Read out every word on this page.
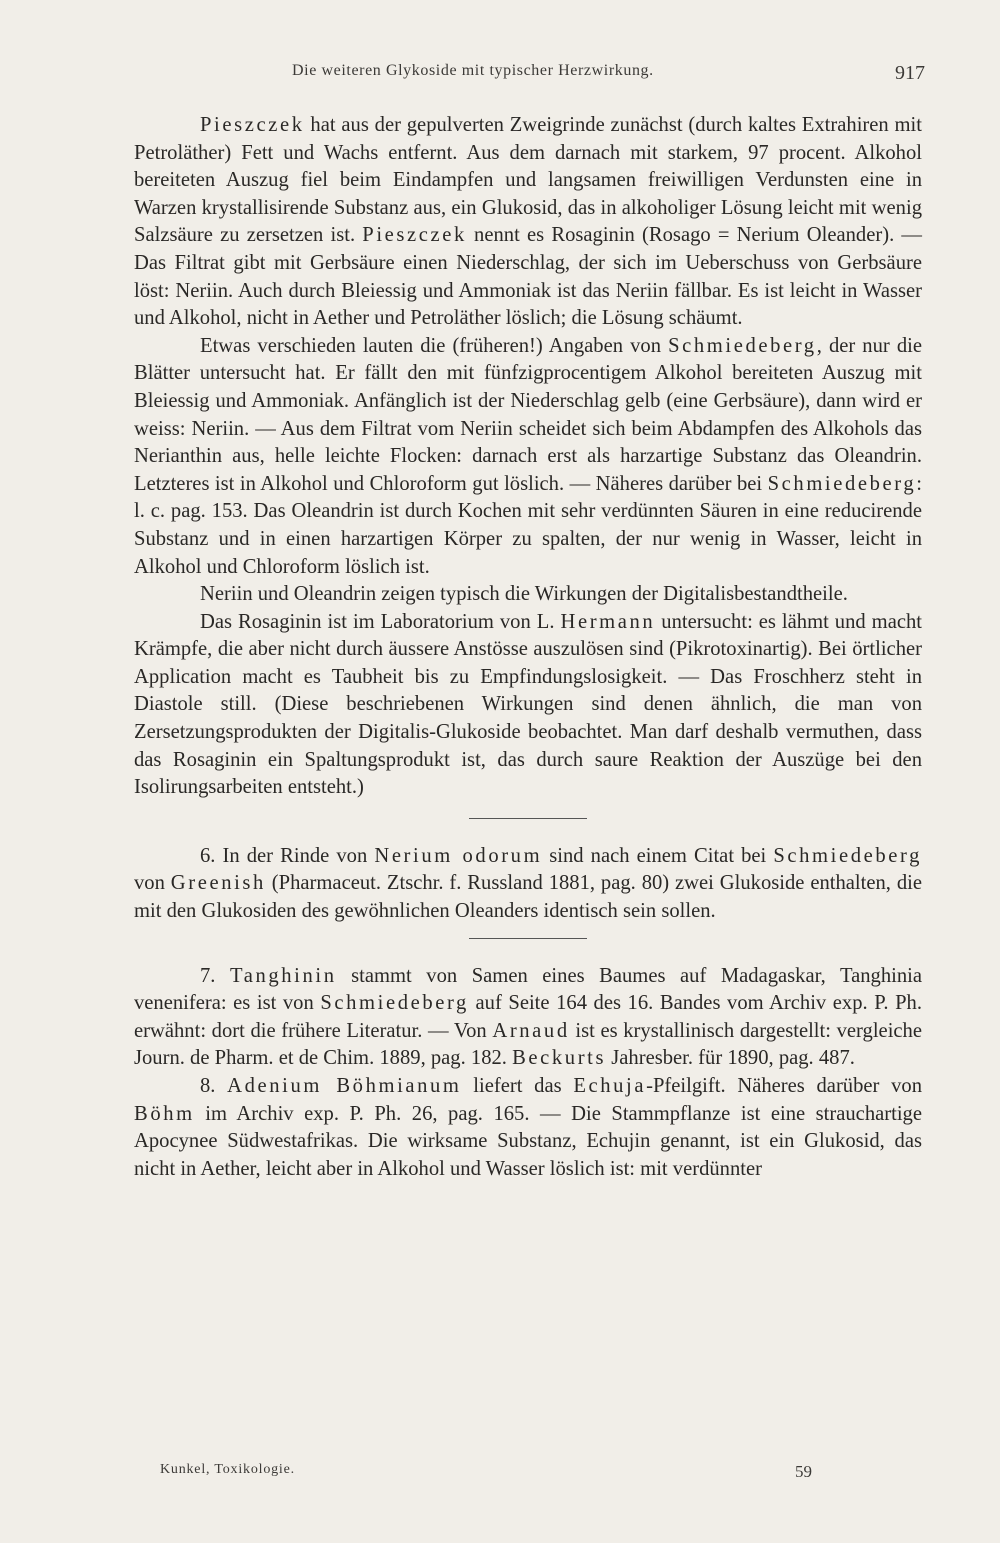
Die weiteren Glykoside mit typischer Herzwirkung.	917

Pieszczek hat aus der gepulverten Zweigrinde zunächst (durch kaltes Extrahiren mit Petroläther) Fett und Wachs entfernt. Aus dem darnach mit starkem, 97 procent. Alkohol bereiteten Auszug fiel beim Eindampfen und langsamen freiwilligen Verdunsten eine in Warzen krystallisirende Substanz aus, ein Glukosid, das in alkoholiger Lösung leicht mit wenig Salzsäure zu zersetzen ist. Pieszczek nennt es Rosaginin (Rosago = Nerium Oleander). — Das Filtrat gibt mit Gerbsäure einen Niederschlag, der sich im Ueberschuss von Gerbsäure löst: Neriin. Auch durch Bleiessig und Ammoniak ist das Neriin fällbar. Es ist leicht in Wasser und Alkohol, nicht in Aether und Petroläther löslich; die Lösung schäumt.

Etwas verschieden lauten die (früheren!) Angaben von Schmiedeberg, der nur die Blätter untersucht hat. Er fällt den mit fünfzigprocentigem Alkohol bereiteten Auszug mit Bleiessig und Ammoniak. Anfänglich ist der Niederschlag gelb (eine Gerbsäure), dann wird er weiss: Neriin. — Aus dem Filtrat vom Neriin scheidet sich beim Abdampfen des Alkohols das Nerianthin aus, helle leichte Flocken: darnach erst als harzartige Substanz das Oleandrin. Letzteres ist in Alkohol und Chloroform gut löslich. — Näheres darüber bei Schmiedeberg: l. c. pag. 153. Das Oleandrin ist durch Kochen mit sehr verdünnten Säuren in eine reducirende Substanz und in einen harzartigen Körper zu spalten, der nur wenig in Wasser, leicht in Alkohol und Chloroform löslich ist.

Neriin und Oleandrin zeigen typisch die Wirkungen der Digitalisbestandtheile.

Das Rosaginin ist im Laboratorium von L. Hermann untersucht: es lähmt und macht Krämpfe, die aber nicht durch äussere Anstösse auszulösen sind (Pikrotoxinartig). Bei örtlicher Application macht es Taubheit bis zu Empfindungslosigkeit. — Das Froschherz steht in Diastole still. (Diese beschriebenen Wirkungen sind denen ähnlich, die man von Zersetzungsprodukten der Digitalis-Glukoside beobachtet. Man darf deshalb vermuthen, dass das Rosaginin ein Spaltungsprodukt ist, das durch saure Reaktion der Auszüge bei den Isolirungsarbeiten entsteht.)

6. In der Rinde von Nerium odorum sind nach einem Citat bei Schmiedeberg von Greenish (Pharmaceut. Ztschr. f. Russland 1881, pag. 80) zwei Glukoside enthalten, die mit den Glukosiden des gewöhnlichen Oleanders identisch sein sollen.

7. Tanghinin stammt von Samen eines Baumes auf Madagaskar, Tanghinia venenifera: es ist von Schmiedeberg auf Seite 164 des 16. Bandes vom Archiv exp. P. Ph. erwähnt: dort die frühere Literatur. — Von Arnaud ist es krystallinisch dargestellt: vergleiche Journ. de Pharm. et de Chim. 1889, pag. 182. Beckurts Jahresber. für 1890, pag. 487.

8. Adenium Böhmianum liefert das Echuja-Pfeilgift. Näheres darüber von Böhm im Archiv exp. P. Ph. 26, pag. 165. — Die Stammpflanze ist eine strauchartige Apocynee Südwestafrikas. Die wirksame Substanz, Echujin genannt, ist ein Glukosid, das nicht in Aether, leicht aber in Alkohol und Wasser löslich ist: mit verdünnter

Kunkel, Toxikologie.	59
